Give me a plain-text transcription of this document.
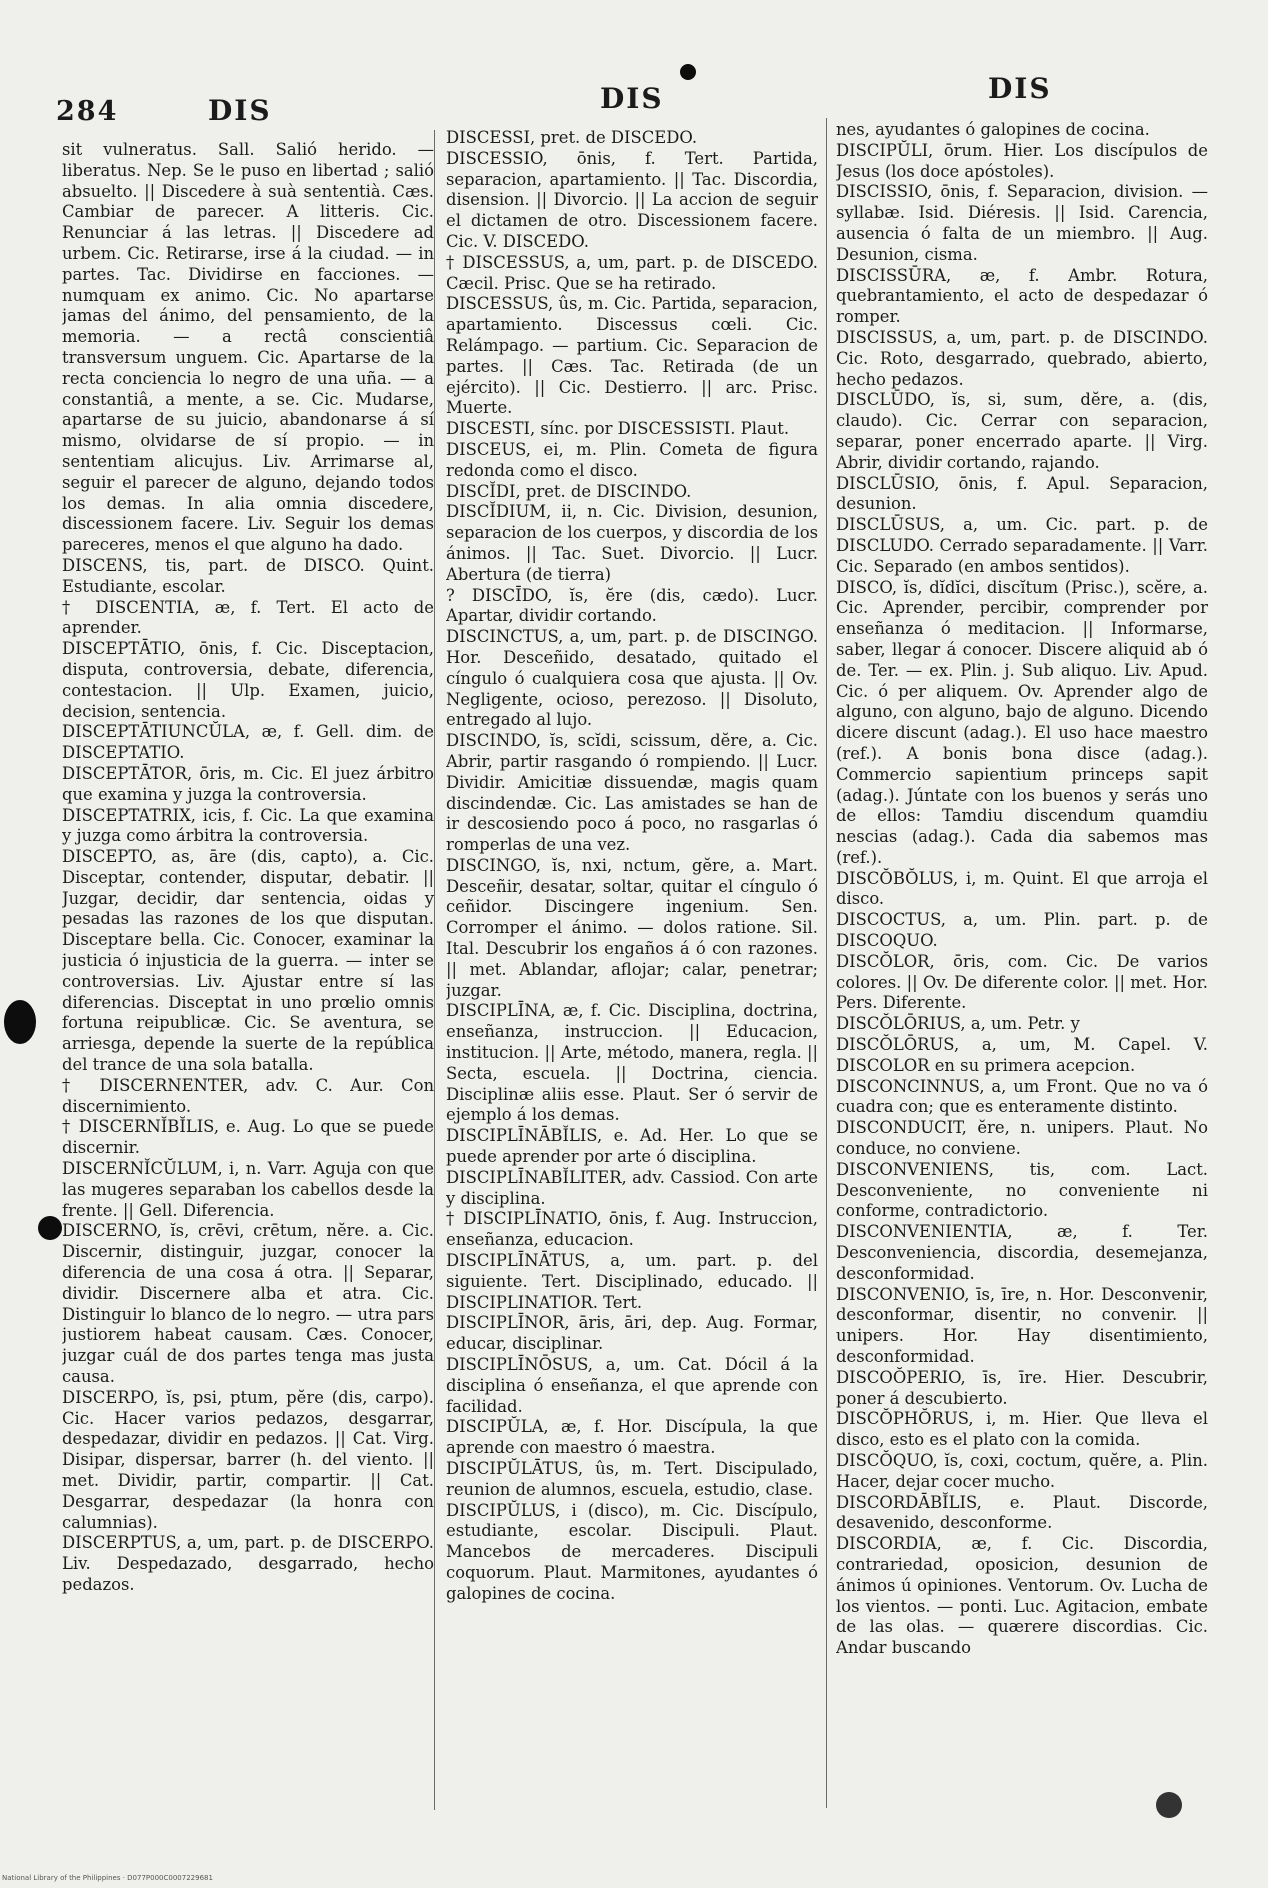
284	DIS	DIS	DIS

sit vulneratus. Sall. Salió herido. — liberatus. Nep. Se le puso en libertad ; salió absuelto. || Discedere à suà sententià. Cæs. Cambiar de parecer. A litteris. Cic. Renunciar á las letras. || Discedere ad urbem. Cic. Retirarse, irse á la ciudad. — in partes. Tac. Dividirse en facciones. — numquam ex animo. Cic. No apartarse jamas del ánimo, del pensamiento, de la memoria. — a rectâ conscientiâ transversum unguem. Cic. Apartarse de la recta conciencia lo negro de una uña. — a constantiâ, a mente, a se. Cic. Mudarse, apartarse de su juicio, abandonarse á sí mismo, olvidarse de sí propio. — in sententiam alicujus. Liv. Arrimarse al, seguir el parecer de alguno, dejando todos los demas. In alia omnia discedere, discessionem facere. Liv. Seguir los demas pareceres, menos el que alguno ha dado.

DISCENS, tis, part. de DISCO. Quint. Estudiante, escolar.

† DISCENTIA, æ, f. Tert. El acto de aprender.

DISCEPTĀTIO, ōnis, f. Cic. Disceptacion, disputa, controversia, debate, diferencia, contestacion. || Ulp. Examen, juicio, decision, sentencia.

DISCEPTĀTIUNCŬLA, æ, f. Gell. dim. de DISCEPTATIO.

DISCEPTĀTOR, ōris, m. Cic. El juez árbitro que examina y juzga la controversia.

DISCEPTATRIX, icis, f. Cic. La que examina y juzga como árbitra la controversia.

DISCEPTO, as, āre (dis, capto), a. Cic. Disceptar, contender, disputar, debatir. || Juzgar, decidir, dar sentencia, oidas y pesadas las razones de los que disputan. Disceptare bella. Cic. Conocer, examinar la justicia ó injusticia de la guerra. — inter se controversias. Liv. Ajustar entre sí las diferencias. Disceptat in uno prœlio omnis fortuna reipublicæ. Cic. Se aventura, se arriesga, depende la suerte de la república del trance de una sola batalla.

† DISCERNENTER, adv. C. Aur. Con discernimiento.

† DISCERNĬBĬLIS, e. Aug. Lo que se puede discernir.

DISCERNĬCŬLUM, i, n. Varr. Aguja con que las mugeres separaban los cabellos desde la frente. || Gell. Diferencia.

DISCERNO, ĭs, crēvi, crētum, nĕre. a. Cic. Discernir, distinguir, juzgar, conocer la diferencia de una cosa á otra. || Separar, dividir. Discernere alba et atra. Cic. Distinguir lo blanco de lo negro. — utra pars justiorem habeat causam. Cæs. Conocer, juzgar cuál de dos partes tenga mas justa causa.

DISCERPO, ĭs, psi, ptum, pĕre (dis, carpo). Cic. Hacer varios pedazos, desgarrar, despedazar, dividir en pedazos. || Cat. Virg. Disipar, dispersar, barrer (h. del viento. || met. Dividir, partir, compartir. || Cat. Desgarrar, despedazar (la honra con calumnias).

DISCERPTUS, a, um, part. p. de DISCERPO. Liv. Despedazado, desgarrado, hecho pedazos.

DISCESSI, pret. de DISCEDO.

DISCESSIO, ōnis, f. Tert. Partida, separacion, apartamiento. || Tac. Discordia, disension. || Divorcio. || La accion de seguir el dictamen de otro. Discessionem facere. Cic. V. DISCEDO.

† DISCESSUS, a, um, part. p. de DISCEDO. Cæcil. Prisc. Que se ha retirado.

DISCESSUS, ûs, m. Cic. Partida, separacion, apartamiento. Discessus cœli. Cic. Relámpago. — partium. Cic. Separacion de partes. || Cæs. Tac. Retirada (de un ejército). || Cic. Destierro. || arc. Prisc. Muerte.

DISCESTI, sínc. por DISCESSISTI. Plaut.

DISCEUS, ei, m. Plin. Cometa de figura redonda como el disco.

DISCĬDI, pret. de DISCINDO.

DISCĬDIUM, ii, n. Cic. Division, desunion, separacion de los cuerpos, y discordia de los ánimos. || Tac. Suet. Divorcio. || Lucr. Abertura (de tierra)

? DISCĪDO, ĭs, ĕre (dis, cædo). Lucr. Apartar, dividir cortando.

DISCINCTUS, a, um, part. p. de DISCINGO. Hor. Desceñido, desatado, quitado el cíngulo ó cualquiera cosa que ajusta. || Ov. Negligente, ocioso, perezoso. || Disoluto, entregado al lujo.

DISCINDO, ĭs, scĭdi, scissum, dĕre, a. Cic. Abrir, partir rasgando ó rompiendo. || Lucr. Dividir. Amicitiæ dissuendæ, magis quam discindendæ. Cic. Las amistades se han de ir descosiendo poco á poco, no rasgarlas ó romperlas de una vez.

DISCINGO, ĭs, nxi, nctum, gĕre, a. Mart. Desceñir, desatar, soltar, quitar el cíngulo ó ceñidor. Discingere ingenium. Sen. Corromper el ánimo. — dolos ratione. Sil. Ital. Descubrir los engaños á ó con razones. || met. Ablandar, aflojar; calar, penetrar; juzgar.

DISCIPLĪNA, æ, f. Cic. Disciplina, doctrina, enseñanza, instruccion. || Educacion, institucion. || Arte, método, manera, regla. || Secta, escuela. || Doctrina, ciencia. Disciplinæ aliis esse. Plaut. Ser ó servir de ejemplo á los demas.

DISCIPLĪNĀBĬLIS, e. Ad. Her. Lo que se puede aprender por arte ó disciplina.

DISCIPLĪNABĬLITER, adv. Cassiod. Con arte y disciplina.

† DISCIPLĪNATIO, ōnis, f. Aug. Instruccion, enseñanza, educacion.

DISCIPLĪNĀTUS, a, um. part. p. del siguiente. Tert. Disciplinado, educado. || DISCIPLINATIOR. Tert.

DISCIPLĪNOR, āris, āri, dep. Aug. Formar, educar, disciplinar.

DISCIPLĪNŌSUS, a, um. Cat. Dócil á la disciplina ó enseñanza, el que aprende con facilidad.

DISCIPŬLA, æ, f. Hor. Discípula, la que aprende con maestro ó maestra.

DISCIPŬLĀTUS, ûs, m. Tert. Discipulado, reunion de alumnos, escuela, estudio, clase.

DISCIPŬLUS, i (disco), m. Cic. Discípulo, estudiante, escolar. Discipuli. Plaut. Mancebos de mercaderes. Discipuli coquorum. Plaut. Marmitones, ayudantes ó galopines de cocina.

nes, ayudantes ó galopines de cocina.

DISCIPŬLI, ōrum. Hier. Los discípulos de Jesus (los doce apóstoles).

DISCISSIO, ōnis, f. Separacion, division. — syllabæ. Isid. Diéresis. || Isid. Carencia, ausencia ó falta de un miembro. || Aug. Desunion, cisma.

DISCISSŪRA, æ, f. Ambr. Rotura, quebrantamiento, el acto de despedazar ó romper.

DISCISSUS, a, um, part. p. de DISCINDO. Cic. Roto, desgarrado, quebrado, abierto, hecho pedazos.

DISCLŪDO, ĭs, si, sum, dĕre, a. (dis, claudo). Cic. Cerrar con separacion, separar, poner encerrado aparte. || Virg. Abrir, dividir cortando, rajando.

DISCLŪSIO, ōnis, f. Apul. Separacion, desunion.

DISCLŪSUS, a, um. Cic. part. p. de DISCLUDO. Cerrado separadamente. || Varr. Cic. Separado (en ambos sentidos).

DISCO, ĭs, dĭdĭci, discĭtum (Prisc.), scĕre, a. Cic. Aprender, percibir, comprender por enseñanza ó meditacion. || Informarse, saber, llegar á conocer. Discere aliquid ab ó de. Ter. — ex. Plin. j. Sub aliquo. Liv. Apud. Cic. ó per aliquem. Ov. Aprender algo de alguno, con alguno, bajo de alguno. Dicendo dicere discunt (adag.). El uso hace maestro (ref.). A bonis bona disce (adag.). Commercio sapientium princeps sapit (adag.). Júntate con los buenos y serás uno de ellos: Tamdiu discendum quamdiu nescias (adag.). Cada dia sabemos mas (ref.).

DISCŎBŎLUS, i, m. Quint. El que arroja el disco.

DISCOCTUS, a, um. Plin. part. p. de DISCOQUO.

DISCŎLOR, ōris, com. Cic. De varios colores. || Ov. De diferente color. || met. Hor. Pers. Diferente.

DISCŎLŌRIUS, a, um. Petr. y

DISCŎLŌRUS, a, um, M. Capel. V. DISCOLOR en su primera acepcion.

DISCONCINNUS, a, um Front. Que no va ó cuadra con; que es enteramente distinto.

DISCONDUCIT, ĕre, n. unipers. Plaut. No conduce, no conviene.

DISCONVENIENS, tis, com. Lact. Desconveniente, no conveniente ni conforme, contradictorio.

DISCONVENIENTIA, æ, f. Ter. Desconveniencia, discordia, desemejanza, desconformidad.

DISCONVENIO, īs, īre, n. Hor. Desconvenir, desconformar, disentir, no convenir. || unipers. Hor. Hay disentimiento, desconformidad.

DISCOŎPERIO, īs, īre. Hier. Descubrir, poner á descubierto.

DISCŎPHŎRUS, i, m. Hier. Que lleva el disco, esto es el plato con la comida.

DISCŎQUO, ĭs, coxi, coctum, quĕre, a. Plin. Hacer, dejar cocer mucho.

DISCORDĀBĬLIS, e. Plaut. Discorde, desavenido, desconforme.

DISCORDIA, æ, f. Cic. Discordia, contrariedad, oposicion, desunion de ánimos ú opiniones. Ventorum. Ov. Lucha de los vientos. — ponti. Luc. Agitacion, embate de las olas. — quærere discordias. Cic. Andar buscando

National Library of the Philippines · D077P000C0007229681
